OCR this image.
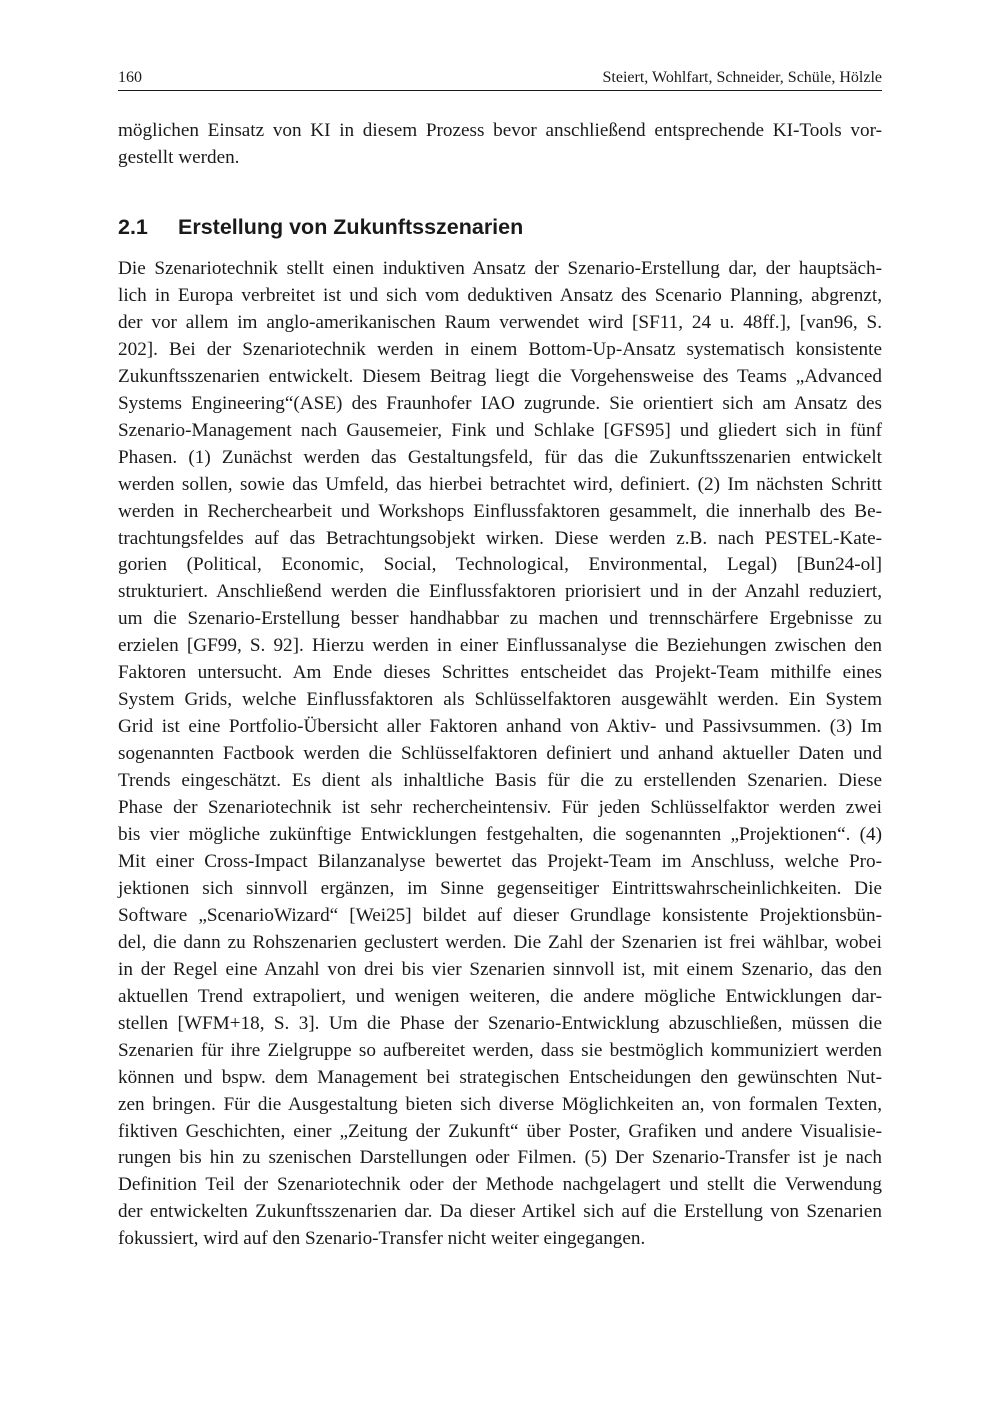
160	Steiert, Wohlfart, Schneider, Schüle, Hölzle

möglichen Einsatz von KI in diesem Prozess bevor anschließend entsprechende KI-Tools vor-
gestellt werden.

2.1 Erstellung von Zukunftsszenarien

Die Szenariotechnik stellt einen induktiven Ansatz der Szenario-Erstellung dar, der hauptsäch-
lich in Europa verbreitet ist und sich vom deduktiven Ansatz des Scenario Planning, abgrenzt,
der vor allem im anglo-amerikanischen Raum verwendet wird [SF11, 24 u. 48ff.], [van96, S.
202]. Bei der Szenariotechnik werden in einem Bottom-Up-Ansatz systematisch konsistente
Zukunftsszenarien entwickelt. Diesem Beitrag liegt die Vorgehensweise des Teams „Advanced
Systems Engineering“(ASE) des Fraunhofer IAO zugrunde. Sie orientiert sich am Ansatz des
Szenario-Management nach Gausemeier, Fink und Schlake [GFS95] und gliedert sich in fünf
Phasen. (1) Zunächst werden das Gestaltungsfeld, für das die Zukunftsszenarien entwickelt
werden sollen, sowie das Umfeld, das hierbei betrachtet wird, definiert. (2) Im nächsten Schritt
werden in Recherchearbeit und Workshops Einflussfaktoren gesammelt, die innerhalb des Be-
trachtungsfeldes auf das Betrachtungsobjekt wirken. Diese werden z.B. nach PESTEL-Kate-
gorien (Political, Economic, Social, Technological, Environmental, Legal) [Bun24-ol]
strukturiert. Anschließend werden die Einflussfaktoren priorisiert und in der Anzahl reduziert,
um die Szenario-Erstellung besser handhabbar zu machen und trennschärfere Ergebnisse zu
erzielen [GF99, S. 92]. Hierzu werden in einer Einflussanalyse die Beziehungen zwischen den
Faktoren untersucht. Am Ende dieses Schrittes entscheidet das Projekt-Team mithilfe eines
System Grids, welche Einflussfaktoren als Schlüsselfaktoren ausgewählt werden. Ein System
Grid ist eine Portfolio-Übersicht aller Faktoren anhand von Aktiv- und Passivsummen. (3) Im
sogenannten Factbook werden die Schlüsselfaktoren definiert und anhand aktueller Daten und
Trends eingeschätzt. Es dient als inhaltliche Basis für die zu erstellenden Szenarien. Diese
Phase der Szenariotechnik ist sehr rechercheintensiv. Für jeden Schlüsselfaktor werden zwei
bis vier mögliche zukünftige Entwicklungen festgehalten, die sogenannten „Projektionen“. (4)
Mit einer Cross-Impact Bilanzanalyse bewertet das Projekt-Team im Anschluss, welche Pro-
jektionen sich sinnvoll ergänzen, im Sinne gegenseitiger Eintrittswahrscheinlichkeiten. Die
Software „ScenarioWizard“ [Wei25] bildet auf dieser Grundlage konsistente Projektionsbün-
del, die dann zu Rohszenarien geclustert werden. Die Zahl der Szenarien ist frei wählbar, wobei
in der Regel eine Anzahl von drei bis vier Szenarien sinnvoll ist, mit einem Szenario, das den
aktuellen Trend extrapoliert, und wenigen weiteren, die andere mögliche Entwicklungen dar-
stellen [WFM+18, S. 3]. Um die Phase der Szenario-Entwicklung abzuschließen, müssen die
Szenarien für ihre Zielgruppe so aufbereitet werden, dass sie bestmöglich kommuniziert werden
können und bspw. dem Management bei strategischen Entscheidungen den gewünschten Nut-
zen bringen. Für die Ausgestaltung bieten sich diverse Möglichkeiten an, von formalen Texten,
fiktiven Geschichten, einer „Zeitung der Zukunft“ über Poster, Grafiken und andere Visualisie-
rungen bis hin zu szenischen Darstellungen oder Filmen. (5) Der Szenario-Transfer ist je nach
Definition Teil der Szenariotechnik oder der Methode nachgelagert und stellt die Verwendung
der entwickelten Zukunftsszenarien dar. Da dieser Artikel sich auf die Erstellung von Szenarien
fokussiert, wird auf den Szenario-Transfer nicht weiter eingegangen.
